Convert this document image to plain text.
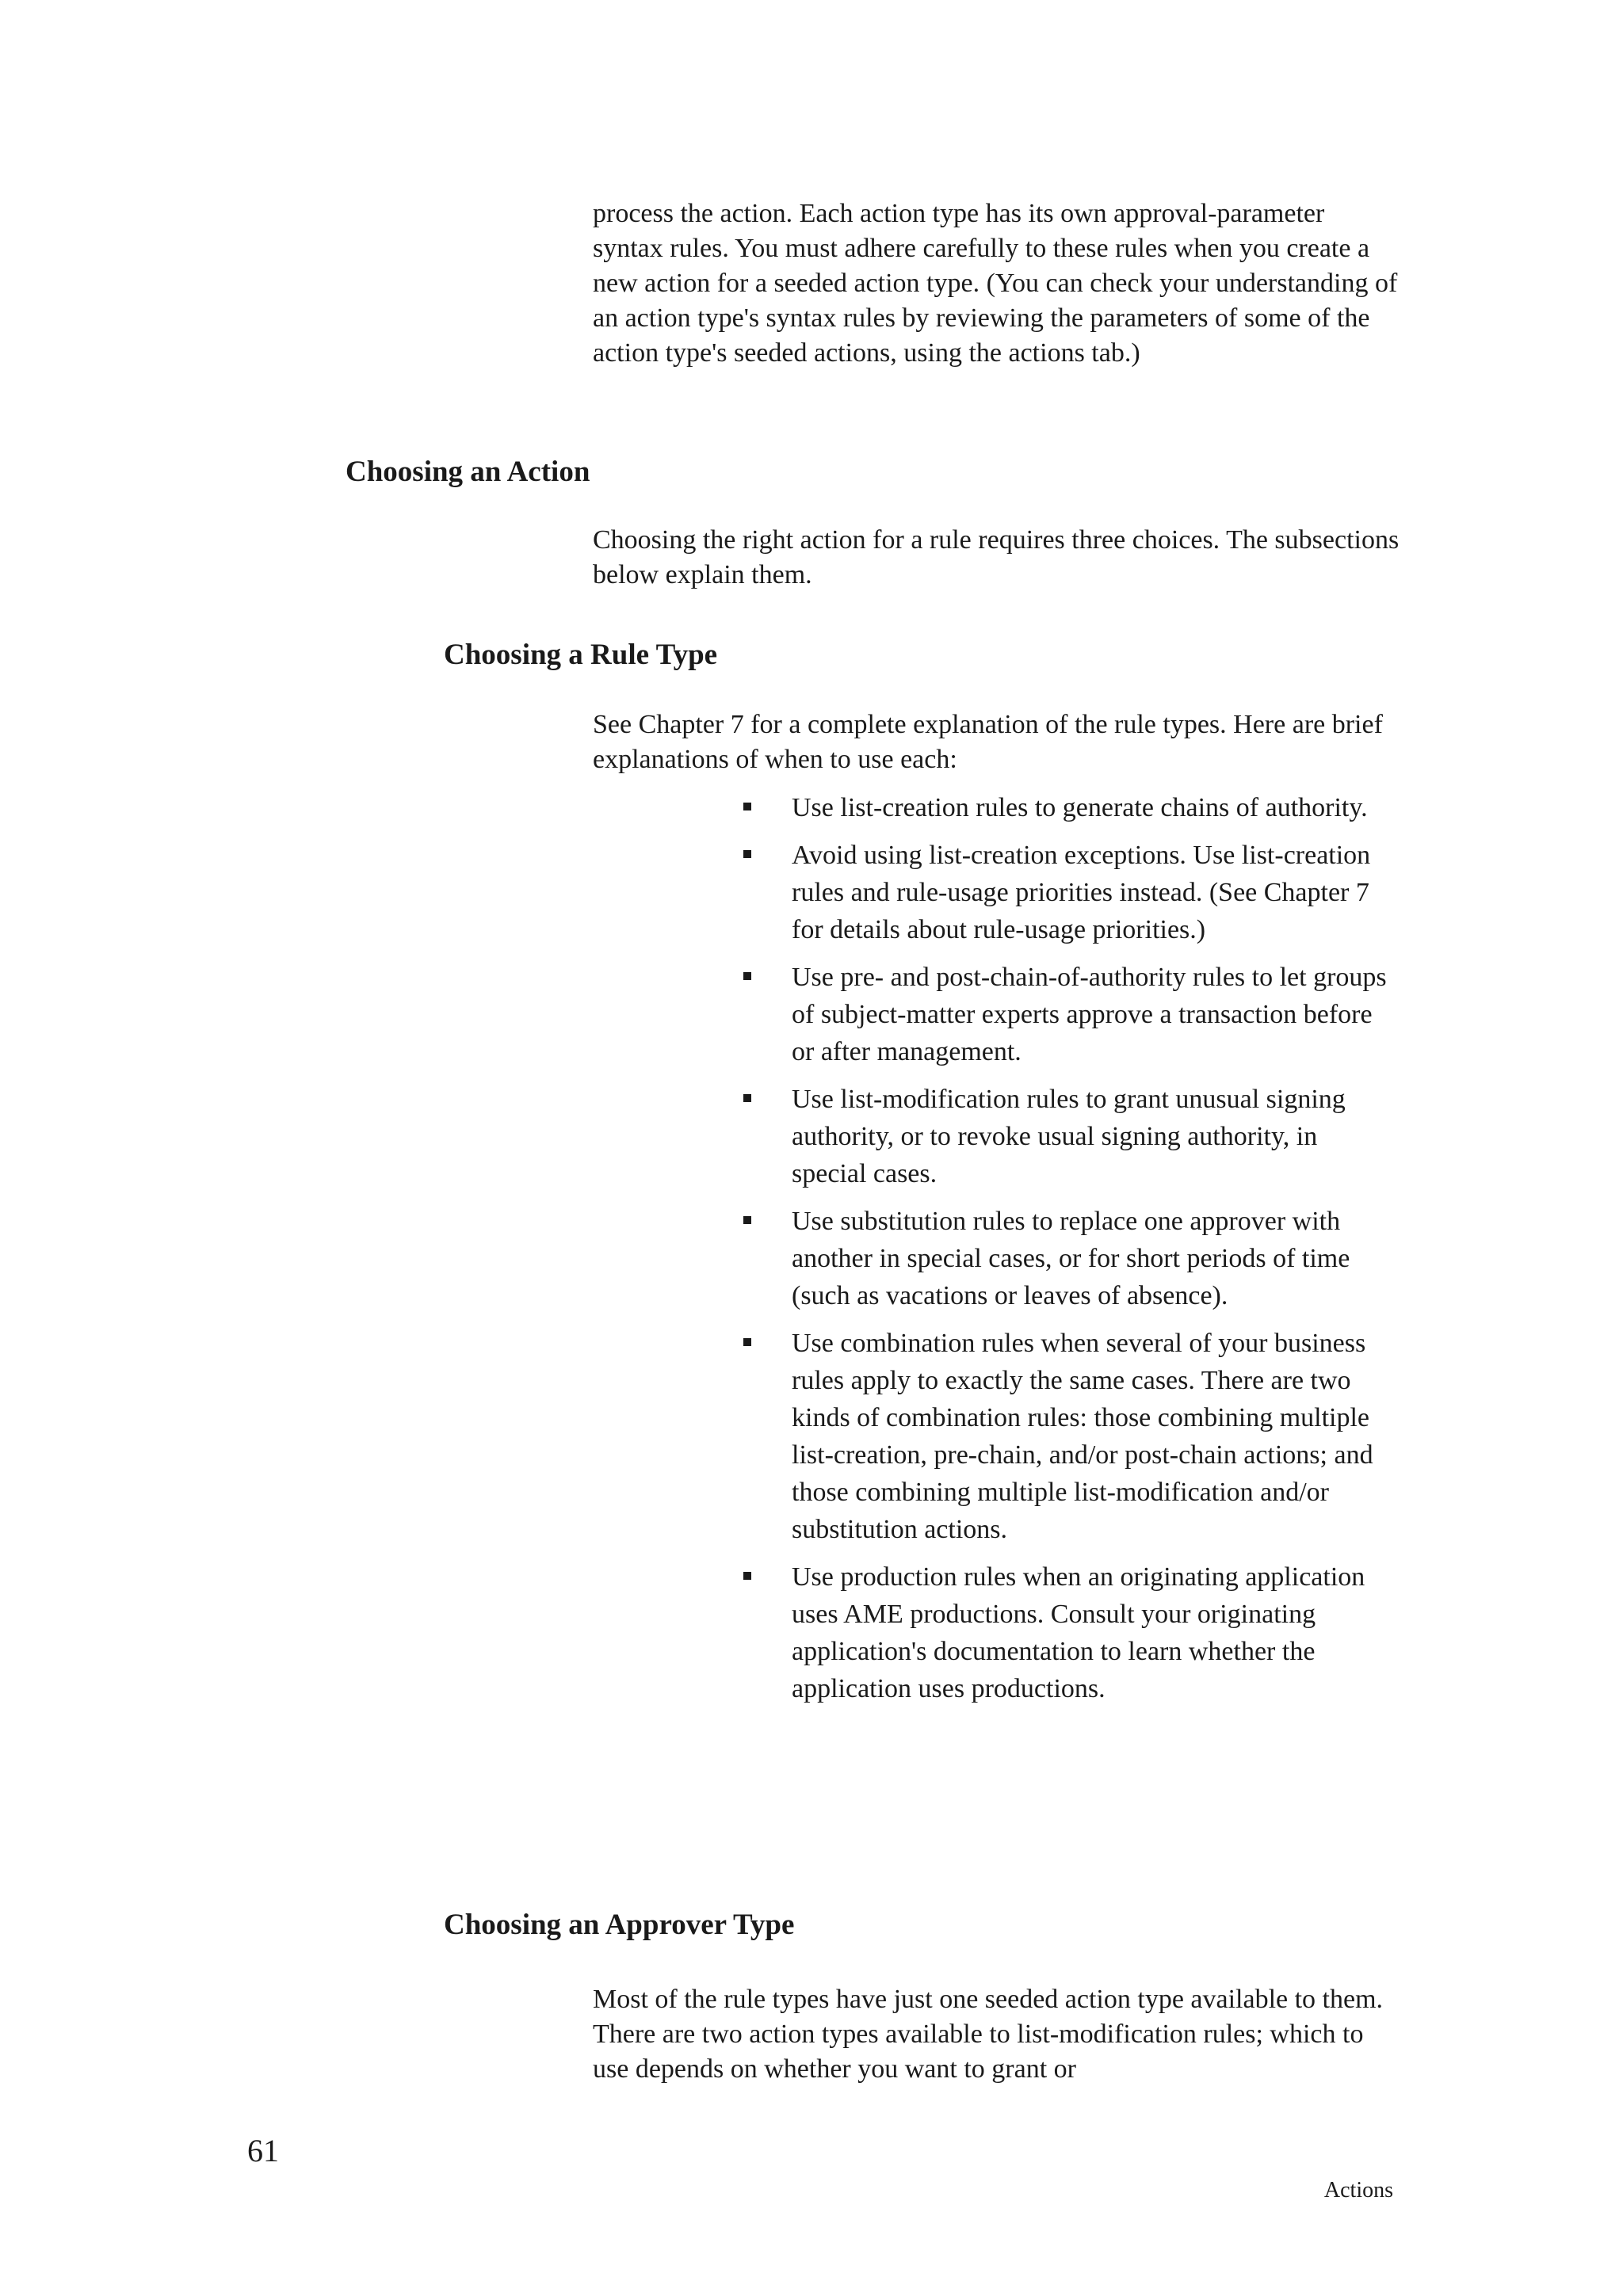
process the action. Each action type has its own approval-parameter syntax rules. You must adhere carefully to these rules when you create a new action for a seeded action type. (You can check your understanding of an action type's syntax rules by reviewing the parameters of some of the action type's seeded actions, using the actions tab.)

Choosing an Action

Choosing the right action for a rule requires three choices. The subsections below explain them.

Choosing a Rule Type

See Chapter 7 for a complete explanation of the rule types. Here are brief explanations of when to use each:

Use list-creation rules to generate chains of authority.
Avoid using list-creation exceptions. Use list-creation rules and rule-usage priorities instead. (See Chapter 7 for details about rule-usage priorities.)
Use pre- and post-chain-of-authority rules to let groups of subject-matter experts approve a transaction before or after management.
Use list-modification rules to grant unusual signing authority, or to revoke usual signing authority, in special cases.
Use substitution rules to replace one approver with another in special cases, or for short periods of time (such as vacations or leaves of absence).
Use combination rules when several of your business rules apply to exactly the same cases. There are two kinds of combination rules: those combining multiple list-creation, pre-chain, and/or post-chain actions; and those combining multiple list-modification and/or substitution actions.
Use production rules when an originating application uses AME productions. Consult your originating application's documentation to learn whether the application uses productions.
Choosing an Approver Type

Most of the rule types have just one seeded action type available to them. There are two action types available to list-modification rules; which to use depends on whether you want to grant or

61
Actions
